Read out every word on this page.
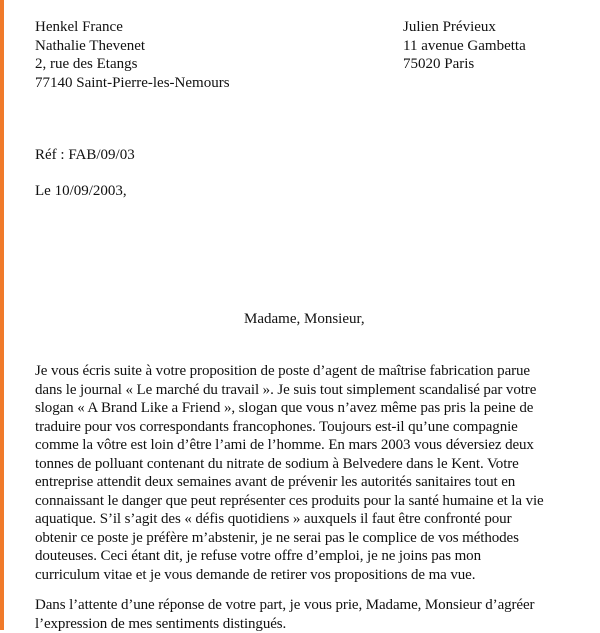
Henkel France
Nathalie Thevenet
2, rue des Etangs
77140 Saint-Pierre-les-Nemours
Julien Prévieux
11 avenue Gambetta
75020 Paris
Réf : FAB/09/03
Le 10/09/2003,
Madame, Monsieur,
Je vous écris suite à votre proposition de poste d’agent de maîtrise fabrication parue
dans le journal « Le marché du travail ». Je suis tout simplement scandalisé par votre
slogan « A Brand Like a Friend », slogan que vous n’avez même pas pris la peine de
traduire pour vos correspondants francophones. Toujours est-il qu’une compagnie
comme la vôtre est loin d’être l’ami de l’homme. En mars 2003 vous déversiez deux
tonnes de polluant contenant du nitrate de sodium à Belvedere dans le Kent. Votre
entreprise attendit deux semaines avant de prévenir les autorités sanitaires tout en
connaissant le danger que peut représenter ces produits pour la santé humaine et la vie
aquatique. S’il s’agit des « défis quotidiens » auxquels il faut être confronté pour
obtenir ce poste je préfère m’abstenir, je ne serai pas le complice de vos méthodes
douteuses. Ceci étant dit, je refuse votre offre d’emploi, je ne joins pas mon
curriculum vitae et je vous demande de retirer vos propositions de ma vue.
Dans l’attente d’une réponse de votre part, je vous prie, Madame, Monsieur d’agréer
l’expression de mes sentiments distingués.
